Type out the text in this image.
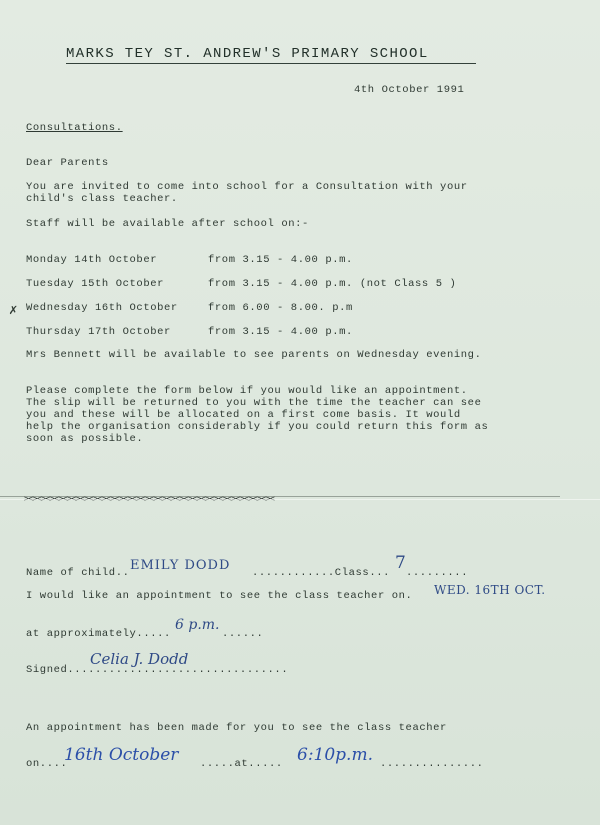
MARKS TEY ST. ANDREW'S PRIMARY SCHOOL
4th October 1991
Consultations.
Dear Parents
You are invited to come into school for a Consultation with your
child's class teacher.
Staff will be available after school on:-
Monday 14th October	from 3.15 - 4.00 p.m.
Tuesday 15th October	from 3.15 - 4.00 p.m. (not Class 5 )
✗ Wednesday 16th October	from 6.00 - 8.00. p.m
Thursday 17th October	from 3.15 - 4.00 p.m.
Mrs Bennett will be available to see parents on Wednesday evening.
Please complete the form below if you would like an appointment.
The slip will be returned to you with the time the teacher can see
you and these will be allocated on a first come basis. It would
help the organisation considerably if you could return this form as
soon as possible.
Name of child.. EMILY DODD ............Class... 7 .........
I would like an appointment to see the class teacher on. WED. 16TH OCT.
at approximately.....
6 p.m.
......
Signed................................
Celia J. Dodd
An appointment has been made for you to see the class teacher
on....
16th October .....at..... 6:10p.m. ...............
